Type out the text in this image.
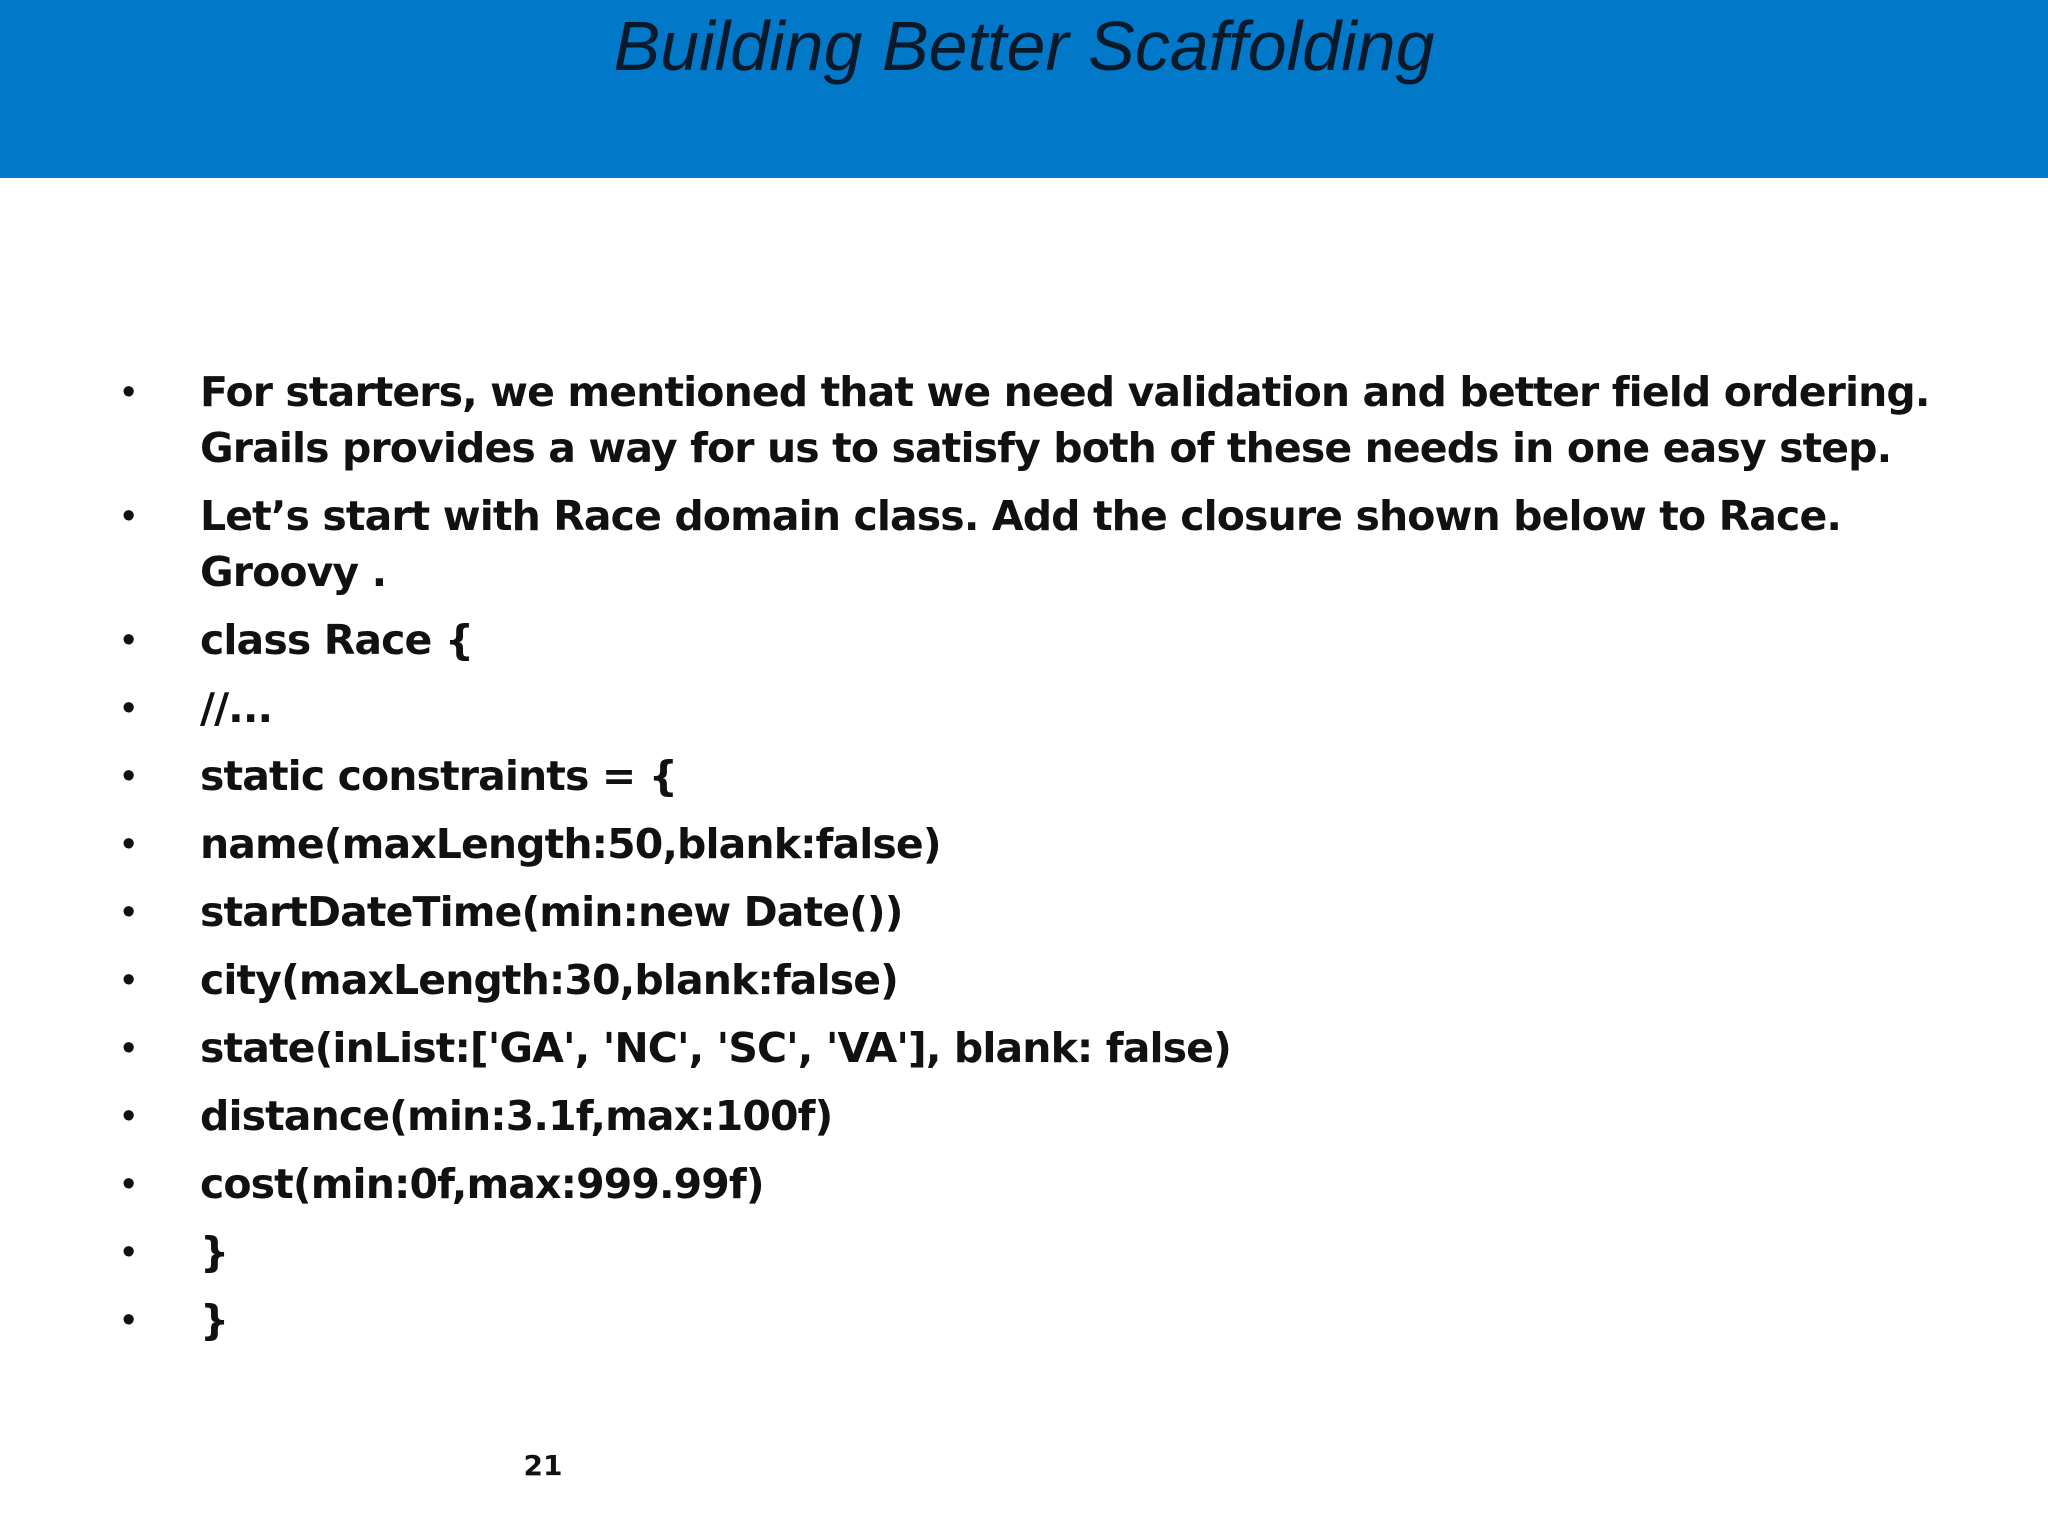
Building Better Scaffolding
• For starters, we mentioned that we need validation and better field ordering. Grails provides a way for us to satisfy both of these needs in one easy step.
• Let’s start with Race domain class. Add the closure shown below to Race. Groovy .
• class Race {
• //...
• static constraints = {
• name(maxLength:50,blank:false)
• startDateTime(min:new Date())
• city(maxLength:30,blank:false)
• state(inList:['GA', 'NC', 'SC', 'VA'], blank: false)
• distance(min:3.1f,max:100f)
• cost(min:0f,max:999.99f)
• }
• }
21
